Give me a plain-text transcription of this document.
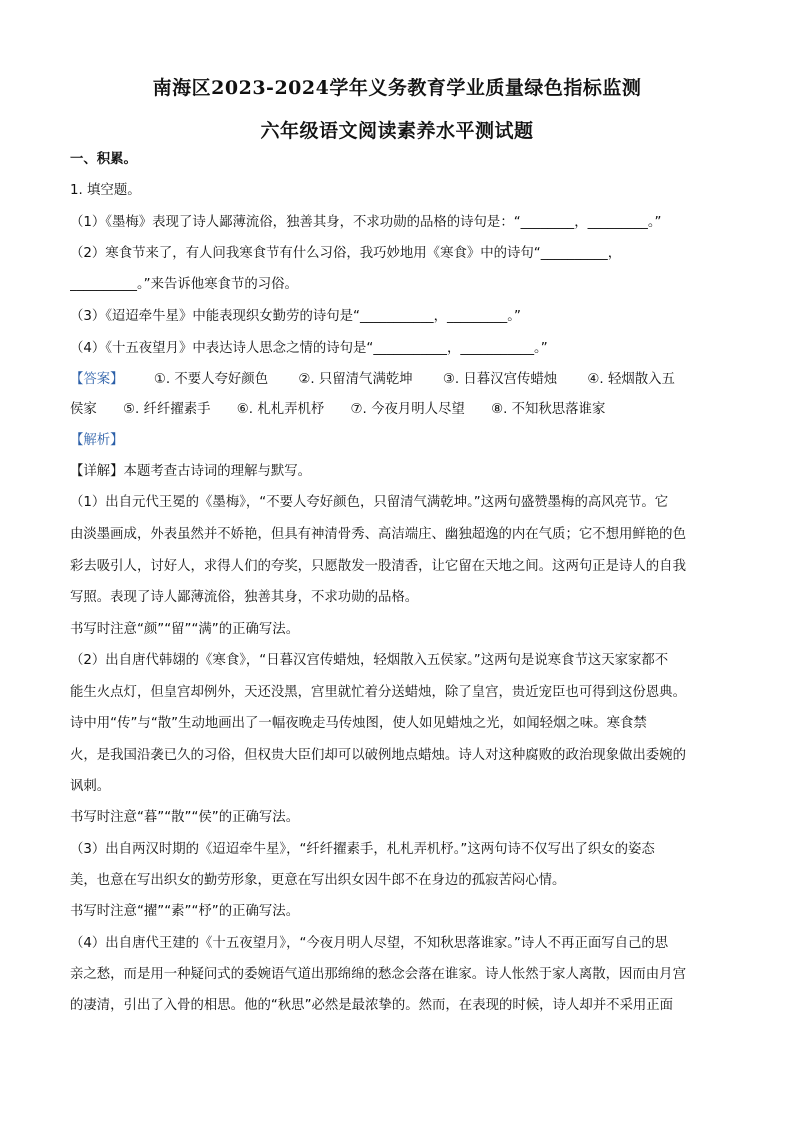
南海区2023-2024学年义务教育学业质量绿色指标监测
六年级语文阅读素养水平测试题
一、积累。
1. 填空题。
（1）《墨梅》表现了诗人鄙薄流俗，独善其身，不求功勋的品格的诗句是：“________，_________。”
（2）寒食节来了，有人问我寒食节有什么习俗，我巧妙地用《寒食》中的诗句“__________，
__________。”来告诉他寒食节的习俗。
（3）《迢迢牵牛星》中能表现织女勤劳的诗句是“___________，_________。”
（4）《十五夜望月》中表达诗人思念之情的诗句是“___________，___________。”
【答案】 ①. 不要人夸好颜色 ②. 只留清气满乾坤 ③. 日暮汉宫传蜡烛 ④. 轻烟散入五
侯家 ⑤. 纤纤擢素手 ⑥. 札札弄机杼 ⑦. 今夜月明人尽望 ⑧. 不知秋思落谁家
【解析】
【详解】本题考查古诗词的理解与默写。
（1）出自元代王冕的《墨梅》，“不要人夸好颜色，只留清气满乾坤。”这两句盛赞墨梅的高风亮节。它
由淡墨画成，外表虽然并不娇艳，但具有神清骨秀、高洁端庄、幽独超逸的内在气质；它不想用鲜艳的色
彩去吸引人，讨好人，求得人们的夸奖，只愿散发一股清香，让它留在天地之间。这两句正是诗人的自我
写照。表现了诗人鄙薄流俗，独善其身，不求功勋的品格。
书写时注意“颜”“留”“满”的正确写法。
（2）出自唐代韩翃的《寒食》，“日暮汉宫传蜡烛，轻烟散入五侯家。”这两句是说寒食节这天家家都不
能生火点灯，但皇宫却例外，天还没黑，宫里就忙着分送蜡烛，除了皇宫，贵近宠臣也可得到这份恩典。
诗中用“传”与“散”生动地画出了一幅夜晚走马传烛图，使人如见蜡烛之光，如闻轻烟之味。寒食禁
火，是我国沿袭已久的习俗，但权贵大臣们却可以破例地点蜡烛。诗人对这种腐败的政治现象做出委婉的
讽刺。
书写时注意“暮”“散”“侯”的正确写法。
（3）出自两汉时期的《迢迢牵牛星》，“纤纤擢素手，札札弄机杼。”这两句诗不仅写出了织女的姿态
美，也意在写出织女的勤劳形象，更意在写出织女因牛郎不在身边的孤寂苦闷心情。
书写时注意“擢”“素”“杼”的正确写法。
（4）出自唐代王建的《十五夜望月》，“今夜月明人尽望，不知秋思落谁家。”诗人不再正面写自己的思
亲之愁，而是用一种疑问式的委婉语气道出那绵绵的愁念会落在谁家。诗人怅然于家人离散，因而由月宫
的凄清，引出了入骨的相思。他的“秋思”必然是最浓挚的。然而，在表现的时候，诗人却并不采用正面
